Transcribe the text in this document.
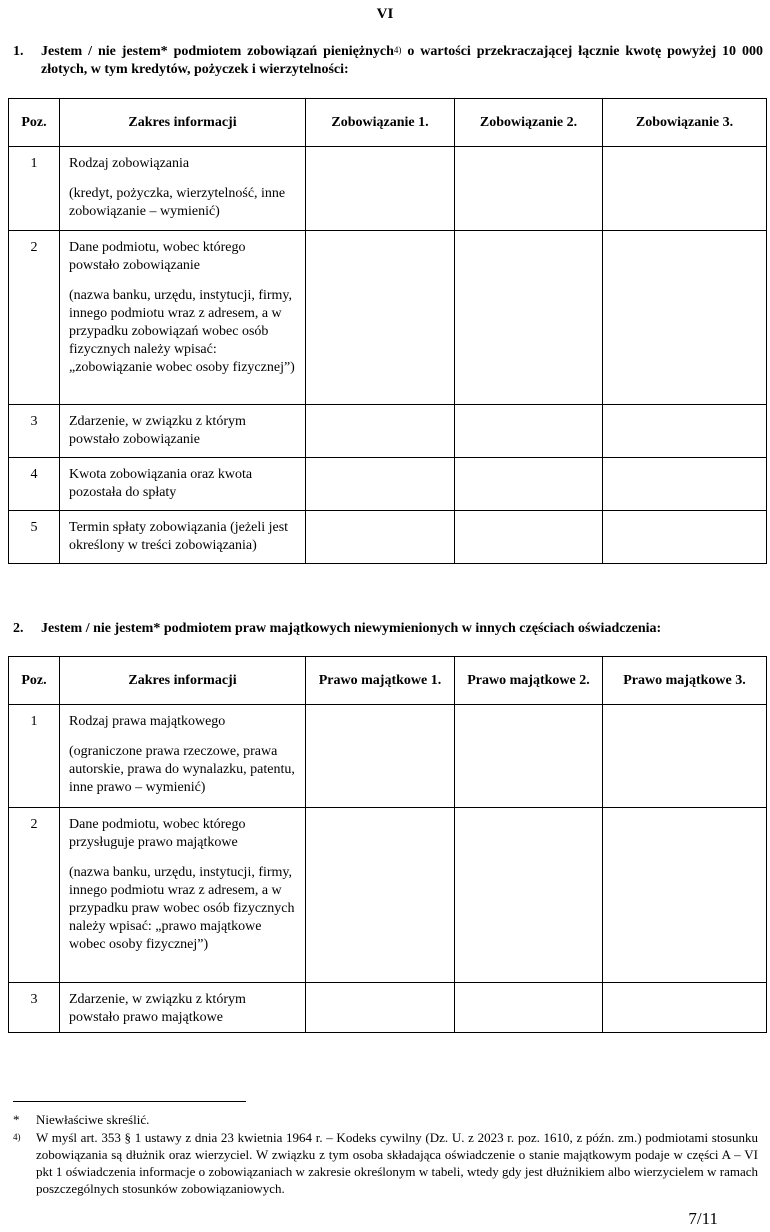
VI
1. Jestem / nie jestem* podmiotem zobowiązań pieniężnych$^{4)}$ o wartości przekraczającej łącznie kwotę powyżej 10 000 złotych, w tym kredytów, pożyczek i wierzytelności:
Poz.	Zakres informacji	Zobowiązanie 1.	Zobowiązanie 2.	Zobowiązanie 3.
1	Rodzaj zobowiązania
(kredyt, pożyczka, wierzytelność, inne zobowiązanie – wymienić)			

2	Dane podmiotu, wobec którego powstało zobowiązanie
(nazwa banku, urzędu, instytucji, firmy, innego podmiotu wraz z adresem, a w przypadku zobowiązań wobec osób fizycznych należy wpisać: „zobowiązanie wobec osoby fizycznej”)			

3	Zdarzenie, w związku z którym powstało zobowiązanie			

4	Kwota zobowiązania oraz kwota pozostała do spłaty			

5	Termin spłaty zobowiązania (jeżeli jest określony w treści zobowiązania)			

2. Jestem / nie jestem* podmiotem praw majątkowych niewymienionych w innych częściach oświadczenia:
Poz.	Zakres informacji	Prawo majątkowe 1.	Prawo majątkowe 2.	Prawo majątkowe 3.
1	Rodzaj prawa majątkowego
(ograniczone prawa rzeczowe, prawa autorskie, prawa do wynalazku, patentu, inne prawo – wymienić)			

2	Dane podmiotu, wobec którego przysługuje prawo majątkowe
(nazwa banku, urzędu, instytucji, firmy, innego podmiotu wraz z adresem, a w przypadku praw wobec osób fizycznych należy wpisać: „prawo majątkowe wobec osoby fizycznej”)			

3	Zdarzenie, w związku z którym powstało prawo majątkowe			

* Niewłaściwe skreślić.
$^{4)}$ W myśl art. 353 § 1 ustawy z dnia 23 kwietnia 1964 r. – Kodeks cywilny (Dz. U. z 2023 r. poz. 1610, z późn. zm.) podmiotami stosunku zobowiązania są dłużnik oraz wierzyciel. W związku z tym osoba składająca oświadczenie o stanie majątkowym podaje w części A – VI pkt 1 oświadczenia informacje o zobowiązaniach w zakresie określonym w tabeli, wtedy gdy jest dłużnikiem albo wierzycielem w ramach poszczególnych stosunków zobowiązaniowych.
7/11
